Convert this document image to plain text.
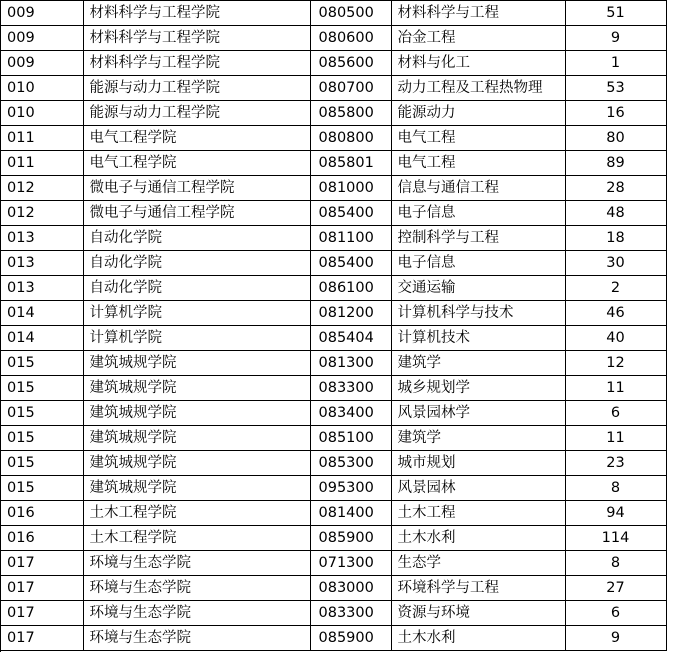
009	材料科学与工程学院	080500	材料科学与工程	51
009	材料科学与工程学院	080600	冶金工程	9
009	材料科学与工程学院	085600	材料与化工	1
010	能源与动力工程学院	080700	动力工程及工程热物理	53
010	能源与动力工程学院	085800	能源动力	16
011	电气工程学院	080800	电气工程	80
011	电气工程学院	085801	电气工程	89
012	微电子与通信工程学院	081000	信息与通信工程	28
012	微电子与通信工程学院	085400	电子信息	48
013	自动化学院	081100	控制科学与工程	18
013	自动化学院	085400	电子信息	30
013	自动化学院	086100	交通运输	2
014	计算机学院	081200	计算机科学与技术	46
014	计算机学院	085404	计算机技术	40
015	建筑城规学院	081300	建筑学	12
015	建筑城规学院	083300	城乡规划学	11
015	建筑城规学院	083400	风景园林学	6
015	建筑城规学院	085100	建筑学	11
015	建筑城规学院	085300	城市规划	23
015	建筑城规学院	095300	风景园林	8
016	土木工程学院	081400	土木工程	94
016	土木工程学院	085900	土木水利	114
017	环境与生态学院	071300	生态学	8
017	环境与生态学院	083000	环境科学与工程	27
017	环境与生态学院	083300	资源与环境	6
017	环境与生态学院	085900	土木水利	9
